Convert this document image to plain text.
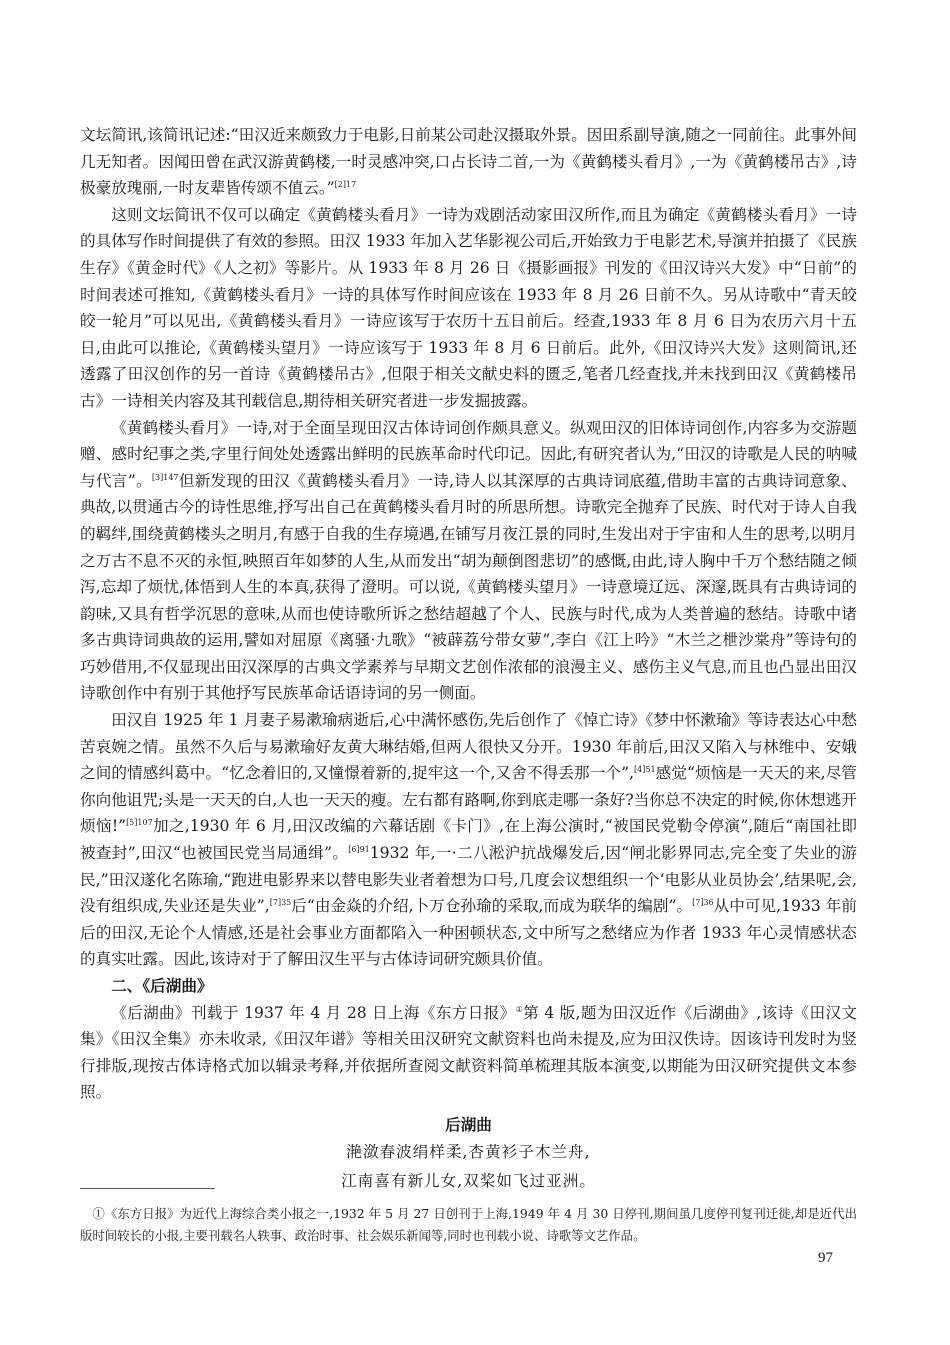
文坛简讯,该简讯记述:“田汉近来颇致力于电影,日前某公司赴汉摄取外景。因田系副导演,随之一同前往。此事外间几无知者。因闻田曾在武汉游黄鹤楼,一时灵感冲突,口占长诗二首,一为《黄鹤楼头看月》,一为《黄鹤楼吊古》,诗极豪放瑰丽,一时友辈皆传颂不值云。”$^{[2]17}$

这则文坛简讯不仅可以确定《黄鹤楼头看月》一诗为戏剧活动家田汉所作,而且为确定《黄鹤楼头看月》一诗的具体写作时间提供了有效的参照。田汉 1933 年加入艺华影视公司后,开始致力于电影艺术,导演并拍摄了《民族生存》《黄金时代》《人之初》等影片。从 1933 年 8 月 26 日《摄影画报》刊发的《田汉诗兴大发》中“日前”的时间表述可推知,《黄鹤楼头看月》一诗的具体写作时间应该在 1933 年 8 月 26 日前不久。另从诗歌中“青天皎皎一轮月”可以见出,《黄鹤楼头看月》一诗应该写于农历十五日前后。经查,1933 年 8 月 6 日为农历六月十五日,由此可以推论,《黄鹤楼头望月》一诗应该写于 1933 年 8 月 6 日前后。此外,《田汉诗兴大发》这则简讯,还透露了田汉创作的另一首诗《黄鹤楼吊古》,但限于相关文献史料的匮乏,笔者几经查找,并未找到田汉《黄鹤楼吊古》一诗相关内容及其刊载信息,期待相关研究者进一步发掘披露。

《黄鹤楼头看月》一诗,对于全面呈现田汉古体诗词创作颇具意义。纵观田汉的旧体诗词创作,内容多为交游题赠、感时纪事之类,字里行间处处透露出鲜明的民族革命时代印记。因此,有研究者认为,“田汉的诗歌是人民的呐喊与代言”。$^{[3]147}$但新发现的田汉《黄鹤楼头看月》一诗,诗人以其深厚的古典诗词底蕴,借助丰富的古典诗词意象、典故,以贯通古今的诗性思维,抒写出自己在黄鹤楼头看月时的所思所想。诗歌完全抛弃了民族、时代对于诗人自我的羁绊,围绕黄鹤楼头之明月,有感于自我的生存境遇,在铺写月夜江景的同时,生发出对于宇宙和人生的思考,以明月之万古不息不灭的永恒,映照百年如梦的人生,从而发出“胡为颠倒图悲切”的感慨,由此,诗人胸中千万个愁结随之倾泻,忘却了烦忧,体悟到人生的本真,获得了澄明。可以说,《黄鹤楼头望月》一诗意境辽远、深邃,既具有古典诗词的韵味,又具有哲学沉思的意味,从而也使诗歌所诉之愁结超越了个人、民族与时代,成为人类普遍的愁结。诗歌中诸多古典诗词典故的运用,譬如对屈原《离骚·九歌》“被薜荔兮带女萝”,李白《江上吟》“木兰之枻沙棠舟”等诗句的巧妙借用,不仅显现出田汉深厚的古典文学素养与早期文艺创作浓郁的浪漫主义、感伤主义气息,而且也凸显出田汉诗歌创作中有别于其他抒写民族革命话语诗词的另一侧面。

田汉自 1925 年 1 月妻子易漱瑜病逝后,心中满怀感伤,先后创作了《悼亡诗》《梦中怀漱瑜》等诗表达心中愁苦哀婉之情。虽然不久后与易漱瑜好友黄大琳结婚,但两人很快又分开。1930 年前后,田汉又陷入与林维中、安娥之间的情感纠葛中。“忆念着旧的,又憧憬着新的,捉牢这一个,又舍不得丢那一个”,$^{[4]51}$感觉“烦恼是一天天的来,尽管你向他诅咒;头是一天天的白,人也一天天的瘦。左右都有路啊,你到底走哪一条好?当你总不决定的时候,你休想逃开烦恼!”$^{[5]107}$加之,1930 年 6 月,田汉改编的六幕话剧《卡门》,在上海公演时,“被国民党勒令停演”,随后“南国社即被查封”,田汉“也被国民党当局通缉”。$^{[6]91}$1932 年,一·二八淞沪抗战爆发后,因“闸北影界同志,完全变了失业的游民,”田汉遂化名陈瑜,“跑进电影界来以替电影失业者着想为口号,几度会议想组织一个‘电影从业员协会’,结果呢,会,没有组织成,失业还是失业”,$^{[7]35}$后“由金焱的介绍,卜万仓孙瑜的采取,而成为联华的编剧”。$^{[7]36}$从中可见,1933 年前后的田汉,无论个人情感,还是社会事业方面都陷入一种困顿状态,文中所写之愁绪应为作者 1933 年心灵情感状态的真实吐露。因此,该诗对于了解田汉生平与古体诗词研究颇具价值。

二、《后湖曲》

《后湖曲》刊载于 1937 年 4 月 28 日上海《东方日报》①第 4 版,题为田汉近作《后湖曲》,该诗《田汉文集》《田汉全集》亦未收录,《田汉年谱》等相关田汉研究文献资料也尚未提及,应为田汉佚诗。因该诗刊发时为竖行排版,现按古体诗格式加以辑录考释,并依据所查阅文献资料简单梳理其版本演变,以期能为田汉研究提供文本参照。

后湖曲
滟潋春波绢样柔,杏黄衫子木兰舟,
江南喜有新儿女,双桨如飞过亚洲。

①《东方日报》为近代上海综合类小报之一,1932 年 5 月 27 日创刊于上海,1949 年 4 月 30 日停刊,期间虽几度停刊复刊迁徙,却是近代出版时间较长的小报,主要刊载名人轶事、政治时事、社会娱乐新闻等,同时也刊载小说、诗歌等文艺作品。

97
